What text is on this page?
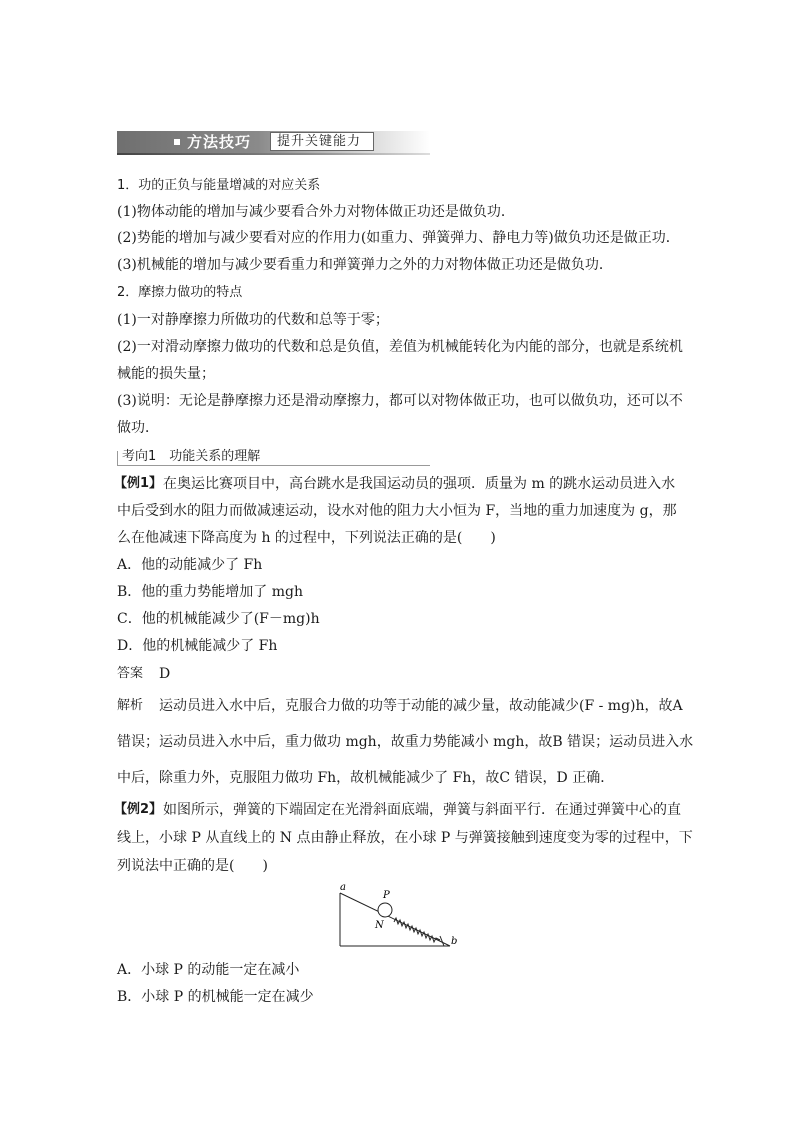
方法技巧 提升关键能力
1．功的正负与能量增减的对应关系
(1)物体动能的增加与减少要看合外力对物体做正功还是做负功．
(2)势能的增加与减少要看对应的作用力(如重力、弹簧弹力、静电力等)做负功还是做正功．
(3)机械能的增加与减少要看重力和弹簧弹力之外的力对物体做正功还是做负功．
2．摩擦力做功的特点
(1)一对静摩擦力所做功的代数和总等于零；
(2)一对滑动摩擦力做功的代数和总是负值，差值为机械能转化为内能的部分，也就是系统机
械能的损失量；
(3)说明：无论是静摩擦力还是滑动摩擦力，都可以对物体做正功，也可以做负功，还可以不
做功．
考向1　功能关系的理解
【例1】 在奥运比赛项目中，高台跳水是我国运动员的强项．质量为 m 的跳水运动员进入水
中后受到水的阻力而做减速运动，设水对他的阻力大小恒为 F，当地的重力加速度为 g，那
么在他减速下降高度为 h 的过程中，下列说法正确的是(　　)
A．他的动能减少了 Fh
B．他的重力势能增加了 mgh
C．他的机械能减少了(F－mg)h
D．他的机械能减少了 Fh
答案 D
解析 运动员进入水中后，克服合力做的功等于动能的减少量，故动能减少(F - mg)h，故A
错误；运动员进入水中后，重力做功 mgh，故重力势能减小 mgh，故B 错误；运动员进入水
中后，除重力外，克服阻力做功 Fh，故机械能减少了 Fh，故C 错误，D 正确．
【例2】 如图所示，弹簧的下端固定在光滑斜面底端，弹簧与斜面平行．在通过弹簧中心的直
线上，小球 P 从直线上的 N 点由静止释放，在小球 P 与弹簧接触到速度变为零的过程中，下
列说法中正确的是(　　)
a
P
N
b
A．小球 P 的动能一定在减小
B．小球 P 的机械能一定在减少
